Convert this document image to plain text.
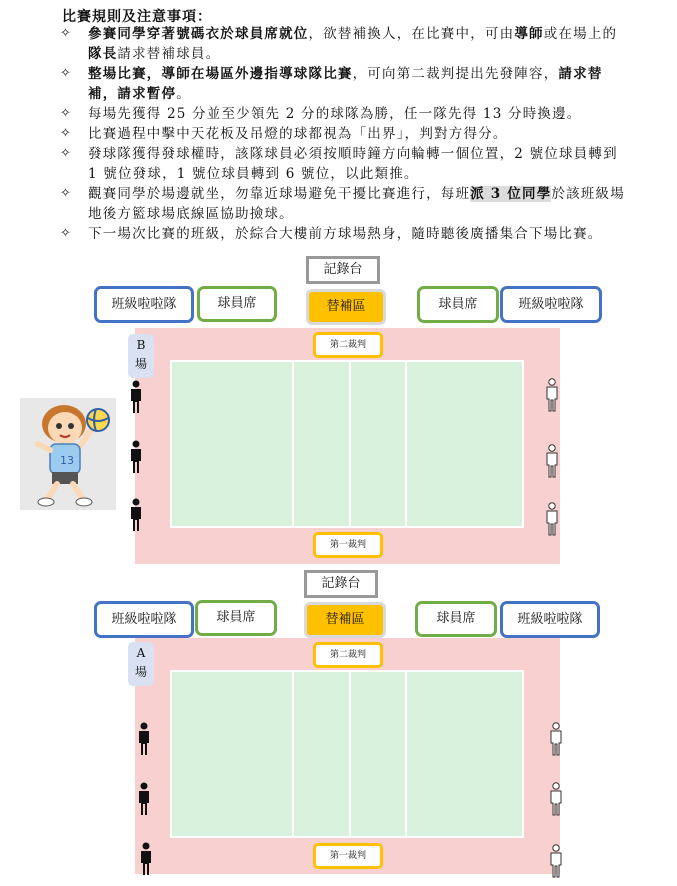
比賽規則及注意事項：
✧ 參賽同學穿著號碼衣於球員席就位，欲替補換人，在比賽中，可由導師或在場上的隊長請求替補球員。
✧ 整場比賽，導師在場區外邊指導球隊比賽，可向第二裁判提出先發陣容，請求替補，請求暫停。
✧ 每場先獲得 25 分並至少領先 2 分的球隊為勝，任一隊先得 13 分時換邊。
✧ 比賽過程中擊中天花板及吊燈的球都視為「出界」，判對方得分。
✧ 發球隊獲得發球權時，該隊球員必須按順時鐘方向輪轉一個位置，2 號位球員轉到 1 號位發球，1 號位球員轉到 6 號位，以此類推。
✧ 觀賽同學於場邊就坐，勿靠近球場避免干擾比賽進行，每班派 3 位同學於該班級場地後方籃球場底線區協助撿球。
✧ 下一場次比賽的班級，於綜合大樓前方球場熱身，隨時聽後廣播集合下場比賽。
13
記錄台
班級啦啦隊	球員席	替補區	球員席	班級啦啦隊
第二裁判
第一裁判
B
場
記錄台
班級啦啦隊	球員席	替補區	球員席	班級啦啦隊
第二裁判
第一裁判
A
場
